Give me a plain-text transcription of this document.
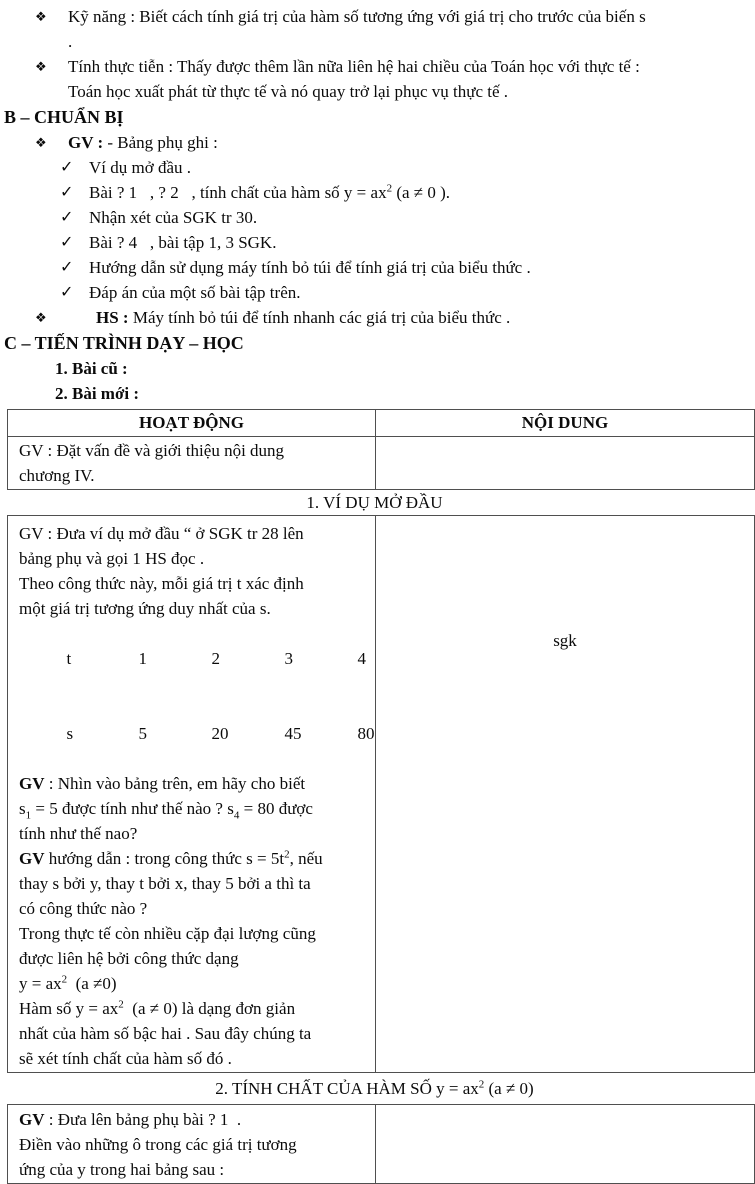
❖	Kỹ năng : Biết cách tính giá trị của hàm số tương ứng với giá trị cho trước của biến s
.
❖	Tính thực tiễn : Thấy được thêm lần nữa liên hệ hai chiều của Toán học với thực tế :
Toán học xuất phát từ thực tế và nó quay trở lại phục vụ thực tế .
B – CHUẨN BỊ
❖	GV : - Bảng phụ ghi :
✓ Ví dụ mở đầu .
✓ Bài ? 1   , ? 2   , tính chất của hàm số $y = ax^2$ (a ≠ 0 ).
✓ Nhận xét của SGK tr 30.
✓ Bài ? 4   , bài tập 1, 3 SGK.
✓ Hướng dẫn sử dụng máy tính bỏ túi để tính giá trị của biểu thức .
✓ Đáp án của một số bài tập trên.
❖	HS : Máy tính bỏ túi để tính nhanh các giá trị của biểu thức .
C – TIẾN TRÌNH DẠY – HỌC
1. Bài cũ :
2. Bài mới :
HOẠT ĐỘNG	NỘI DUNG
GV : Đặt vấn đề và giới thiệu nội dung
chương IV.
1. VÍ DỤ MỞ ĐẦU
GV : Đưa ví dụ mở đầu “ ở SGK tr 28 lên
bảng phụ và gọi 1 HS đọc .
Theo công thức này, mỗi giá trị t xác định
một giá trị tương ứng duy nhất của s.

t	1	2	3	4

s	5	20	45	80

GV : Nhìn vào bảng trên, em hãy cho biết
$s_1 = 5$ được tính như thế nào ? $s_4 = 80$ được
tính như thế nao?
GV hướng dẫn : trong công thức $s = 5t^2$, nếu
thay s bởi y, thay t bởi x, thay 5 bởi a thì ta
có công thức nào ?
Trong thực tế còn nhiều cặp đại lượng cũng
được liên hệ bởi công thức dạng
$y = ax^2$  (a ≠0)
Hàm số $y = ax^2$  (a ≠ 0) là dạng đơn giản
nhất của hàm số bậc hai . Sau đây chúng ta
sẽ xét tính chất của hàm số đó .
sgk
2. TÍNH CHẤT CỦA HÀM SỐ $y = ax^2$ (a ≠ 0)
GV : Đưa lên bảng phụ bài ? 1  .
Điền vào những ô trong các giá trị tương
ứng của y trong hai bảng sau :
